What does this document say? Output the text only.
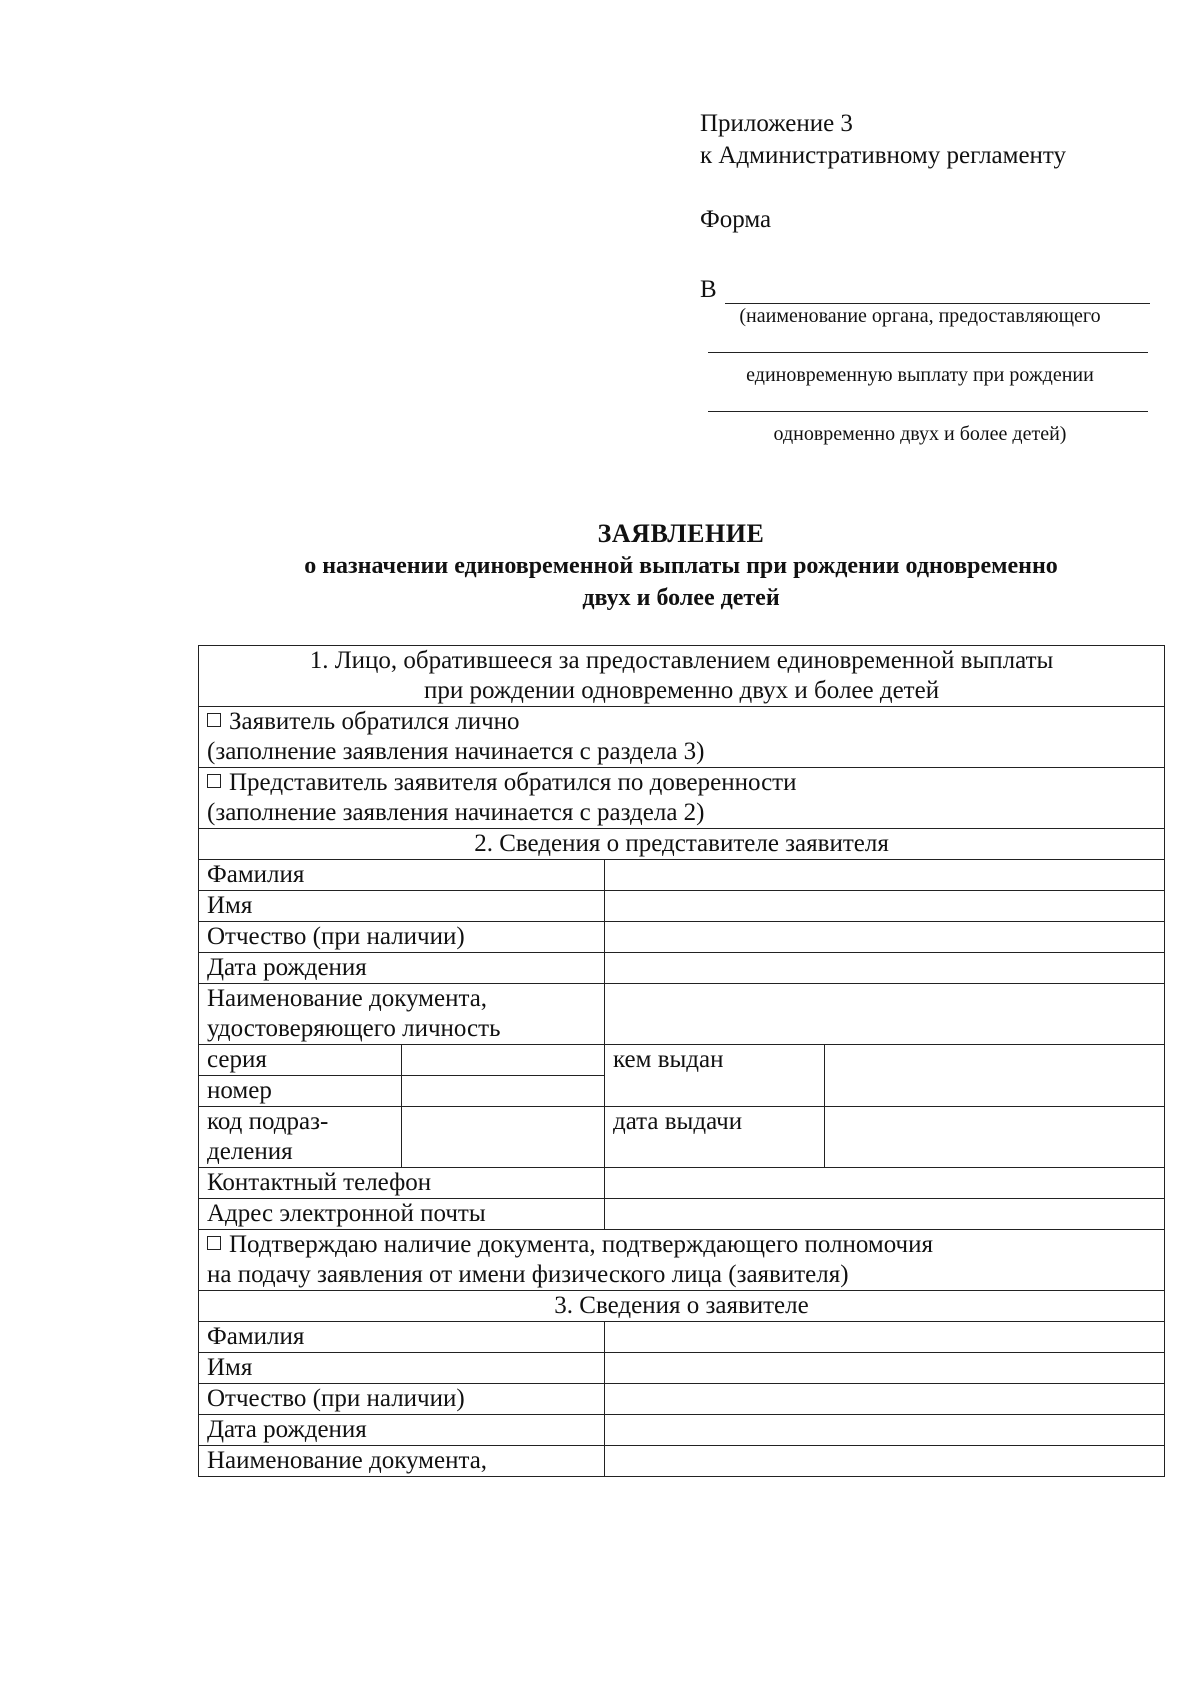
Приложение 3
к Административному регламенту
Форма
В
(наименование органа, предоставляющего
единовременную выплату при рождении
одновременно двух и более детей)
ЗАЯВЛЕНИЕ
о назначении единовременной выплаты при рождении одновременно
двух и более детей
1. Лицо, обратившееся за предоставлением единовременной выплаты
при рождении одновременно двух и более детей			

Заявитель обратился лично
(заполнение заявления начинается с раздела 3)			

Представитель заявителя обратился по доверенности
(заполнение заявления начинается с раздела 2)			

2. Сведения о представителе заявителя			
Фамилия			
Имя			
Отчество (при наличии)			
Дата рождения			

Наименование документа,
удостоверяющего личность			

серия		кем выдан	
номер			

код подраз-
деления		дата выдачи	
Контактный телефон			
Адрес электронной почты			

Подтверждаю наличие документа, подтверждающего полномочия
на подачу заявления от имени физического лица (заявителя)			

3. Сведения о заявителе			
Фамилия			
Имя			
Отчество (при наличии)			
Дата рождения			
Наименование документа,			
